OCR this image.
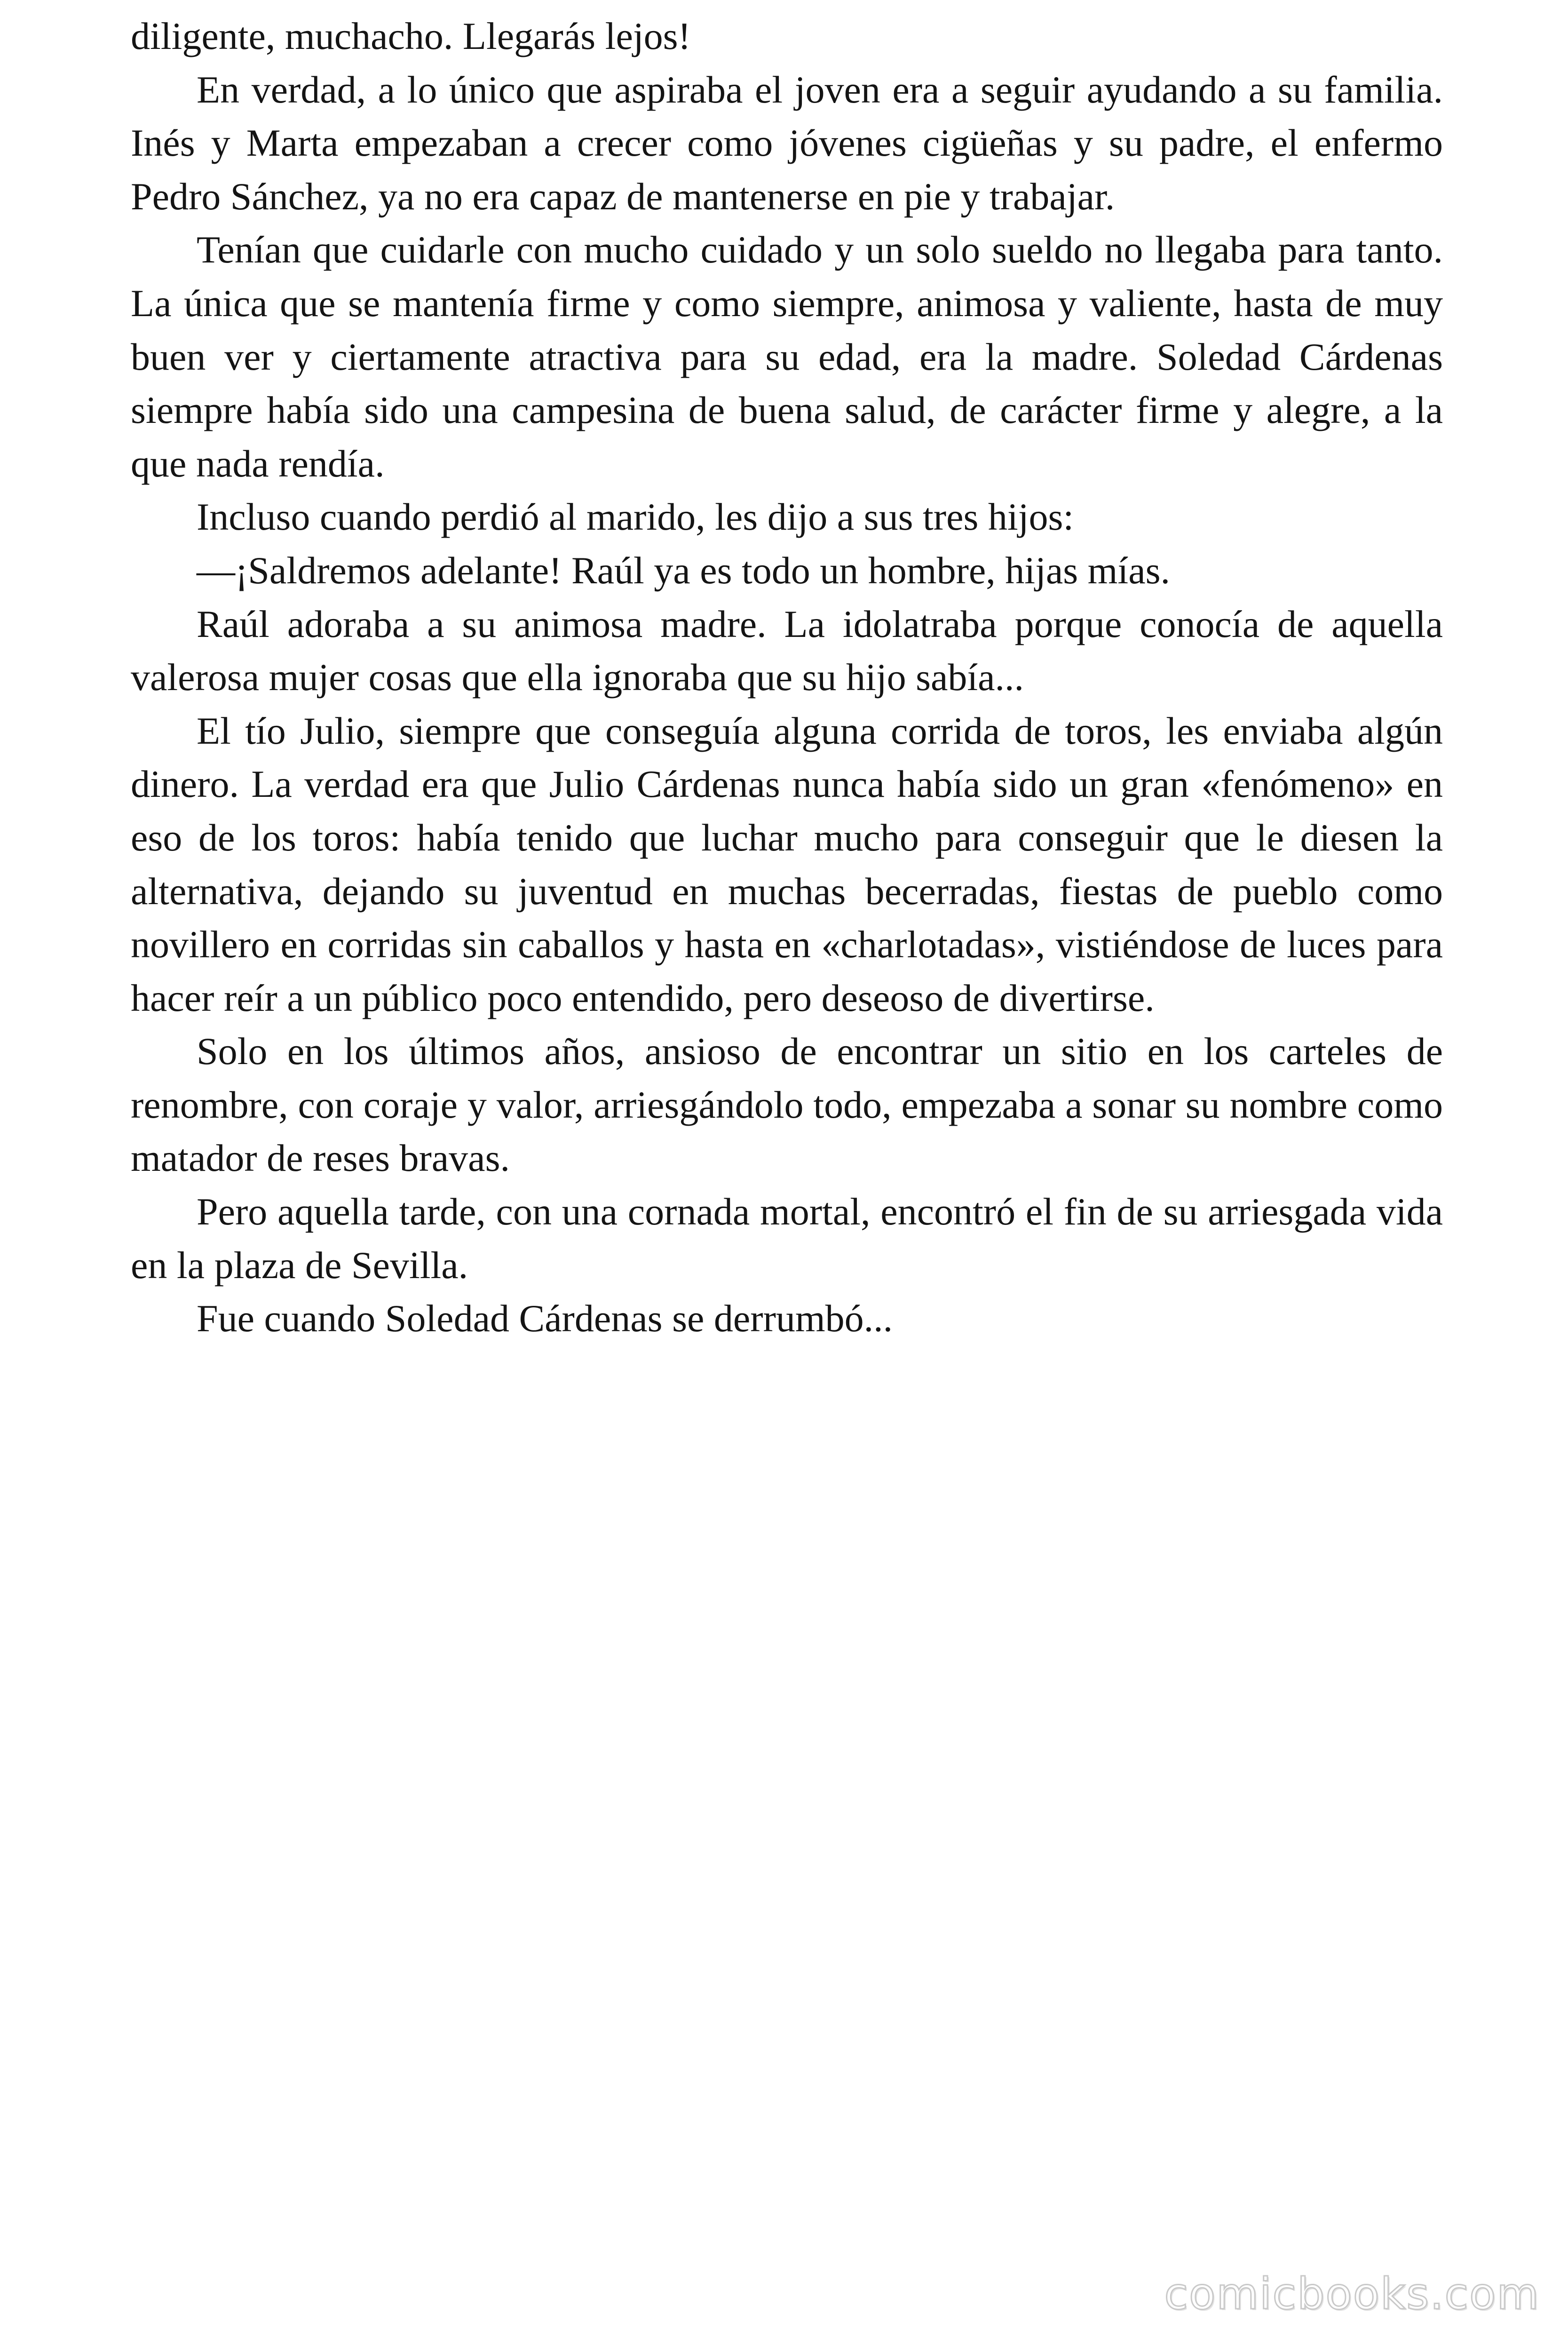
diligente, muchacho. Llegarás lejos!

En verdad, a lo único que aspiraba el joven era a seguir ayudando a su familia. Inés y Marta empezaban a crecer como jóvenes cigüeñas y su padre, el enfermo Pedro Sánchez, ya no era capaz de mantenerse en pie y trabajar.

Tenían que cuidarle con mucho cuidado y un solo sueldo no llegaba para tanto. La única que se mantenía firme y como siempre, animosa y valiente, hasta de muy buen ver y ciertamente atractiva para su edad, era la madre. Soledad Cárdenas siempre había sido una campesina de buena salud, de carácter firme y alegre, a la que nada rendía.

Incluso cuando perdió al marido, les dijo a sus tres hijos:

—¡Saldremos adelante! Raúl ya es todo un hombre, hijas mías.

Raúl adoraba a su animosa madre. La idolatraba porque conocía de aquella valerosa mujer cosas que ella ignoraba que su hijo sabía...

El tío Julio, siempre que conseguía alguna corrida de toros, les enviaba algún dinero. La verdad era que Julio Cárdenas nunca había sido un gran «fenómeno» en eso de los toros: había tenido que luchar mucho para conseguir que le diesen la alternativa, dejando su juventud en muchas becerradas, fiestas de pueblo como novillero en corridas sin caballos y hasta en «charlotadas», vistiéndose de luces para hacer reír a un público poco entendido, pero deseoso de divertirse.

Solo en los últimos años, ansioso de encontrar un sitio en los carteles de renombre, con coraje y valor, arriesgándolo todo, empezaba a sonar su nombre como matador de reses bravas.

Pero aquella tarde, con una cornada mortal, encontró el fin de su arriesgada vida en la plaza de Sevilla.

Fue cuando Soledad Cárdenas se derrumbó...

comicbooks.com
